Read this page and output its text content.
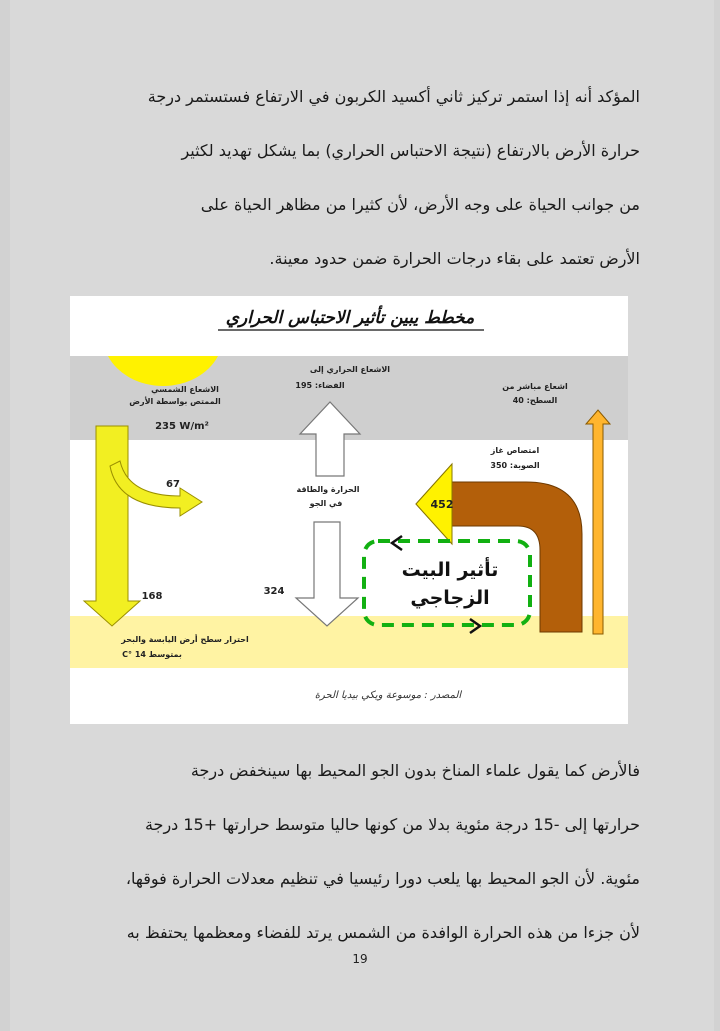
المؤكد أنه إذا استمر تركيز ثاني أكسيد الكربون في الارتفاع فستستمر درجة

حرارة الأرض بالارتفاع (نتيجة الاحتباس الحراري) بما يشكل تهديد لكثير

من جوانب الحياة على وجه الأرض، لأن كثيرا من مظاهر الحياة على

الأرض تعتمد على بقاء درجات الحرارة ضمن حدود معينة.

مخطط يبين تأثير الاحتباس الحراري
الاشعاع الشمسي
الممتص بواسطة الأرض
235 W/m²
67
168
الاشعاع الحراري إلى
الفضاء: 195
الحرارة والطاقة
في الجو
324
اشعاع مباشر من
السطح: 40
452
امتصاص غاز
الصوبة: 350
تأثير البيت
الزجاجي
احترار سطح أرض اليابسة والبحر
بمتوسط 14 °C
المصدر : موسوعة ويكي بيديا الحرة

فالأرض كما يقول علماء المناخ بدون الجو المحيط بها سينخفض درجة

حرارتها إلى -15 درجة مئوية بدلا من كونها حاليا متوسط حرارتها +15 درجة

مئوية. لأن الجو المحيط بها يلعب دورا رئيسيا في تنظيم معدلات الحرارة فوقها،

لأن جزءا من هذه الحرارة الوافدة من الشمس يرتد للفضاء ومعظمها يحتفظ به

19
